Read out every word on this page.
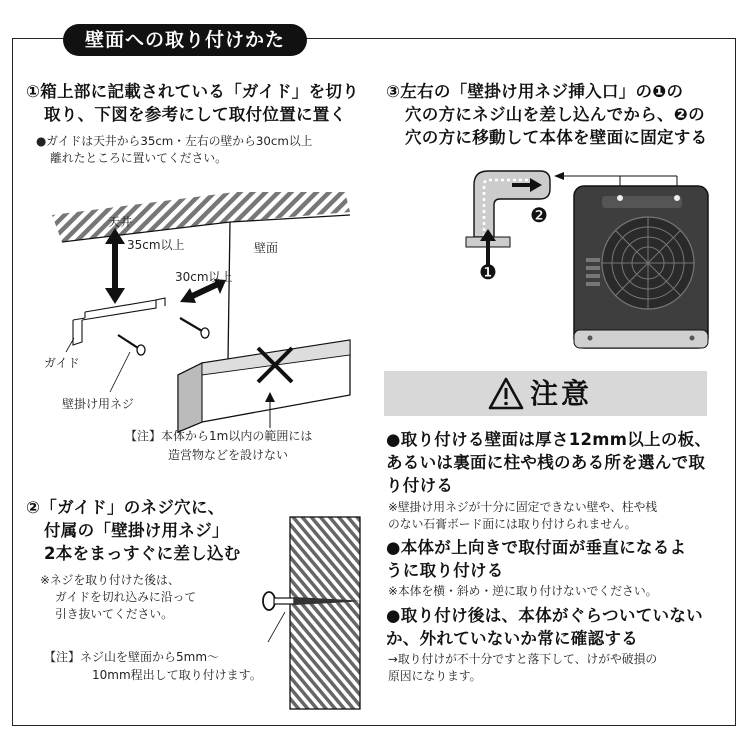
壁面への取り付けかた
①箱上部に記載されている「ガイド」を切り
取り、下図を参考にして取付位置に置く
●ガイドは天井から35cm・左右の壁から30cm以上
離れたところに置いてください。
天井
壁面
35cm以上
30cm以上
ガイド
壁掛け用ネジ
【注】本体から1m以内の範囲には
造営物などを設けない
②「ガイド」のネジ穴に、
付属の「壁掛け用ネジ」
2本をまっすぐに差し込む
※ネジを取り付けた後は、
ガイドを切れ込みに沿って
引き抜いてください。
【注】ネジ山を壁面から5mm～
10mm程出して取り付けます。
③左右の「壁掛け用ネジ挿入口」の❶の
穴の方にネジ山を差し込んでから、❷の
穴の方に移動して本体を壁面に固定する
❶
❷
注意
●取り付ける壁面は厚さ12mm以上の板、
あるいは裏面に柱や桟のある所を選んで取
り付ける
※壁掛け用ネジが十分に固定できない壁や、柱や桟
のない石膏ボード面には取り付けられません。
●本体が上向きで取付面が垂直になるよ
うに取り付ける
※本体を横・斜め・逆に取り付けないでください。
●取り付け後は、本体がぐらついていない
か、外れていないか常に確認する
→取り付けが不十分ですと落下して、けがや破損の
原因になります。
